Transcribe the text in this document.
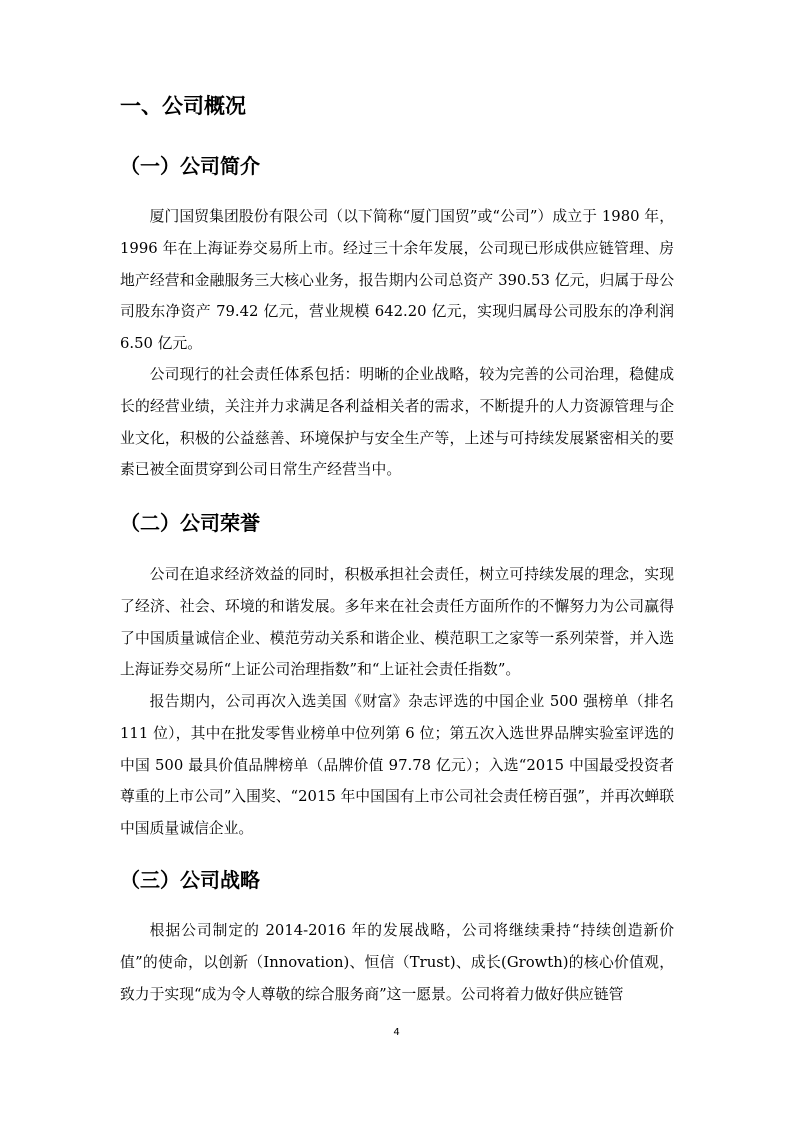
一、公司概况
（一）公司简介

厦门国贸集团股份有限公司（以下简称“厦门国贸”或“公司”）成立于 1980 年，1996 年在上海证券交易所上市。经过三十余年发展，公司现已形成供应链管理、房地产经营和金融服务三大核心业务，报告期内公司总资产 390.53 亿元，归属于母公司股东净资产 79.42 亿元，营业规模 642.20 亿元，实现归属母公司股东的净利润 6.50 亿元。

公司现行的社会责任体系包括：明晰的企业战略，较为完善的公司治理，稳健成长的经营业绩，关注并力求满足各利益相关者的需求，不断提升的人力资源管理与企业文化，积极的公益慈善、环境保护与安全生产等，上述与可持续发展紧密相关的要素已被全面贯穿到公司日常生产经营当中。

（二）公司荣誉

公司在追求经济效益的同时，积极承担社会责任，树立可持续发展的理念，实现了经济、社会、环境的和谐发展。多年来在社会责任方面所作的不懈努力为公司赢得了中国质量诚信企业、模范劳动关系和谐企业、模范职工之家等一系列荣誉，并入选上海证券交易所“上证公司治理指数”和“上证社会责任指数”。

报告期内，公司再次入选美国《财富》杂志评选的中国企业 500 强榜单（排名 111 位），其中在批发零售业榜单中位列第 6 位；第五次入选世界品牌实验室评选的中国 500 最具价值品牌榜单（品牌价值 97.78 亿元）；入选“2015 中国最受投资者尊重的上市公司”入围奖、“2015 年中国国有上市公司社会责任榜百强”，并再次蝉联中国质量诚信企业。

（三）公司战略

根据公司制定的 2014-2016 年的发展战略，公司将继续秉持“持续创造新价值”的使命，以创新（Innovation)、恒信（Trust)、成长(Growth)的核心价值观，致力于实现“成为令人尊敬的综合服务商”这一愿景。公司将着力做好供应链管

4
